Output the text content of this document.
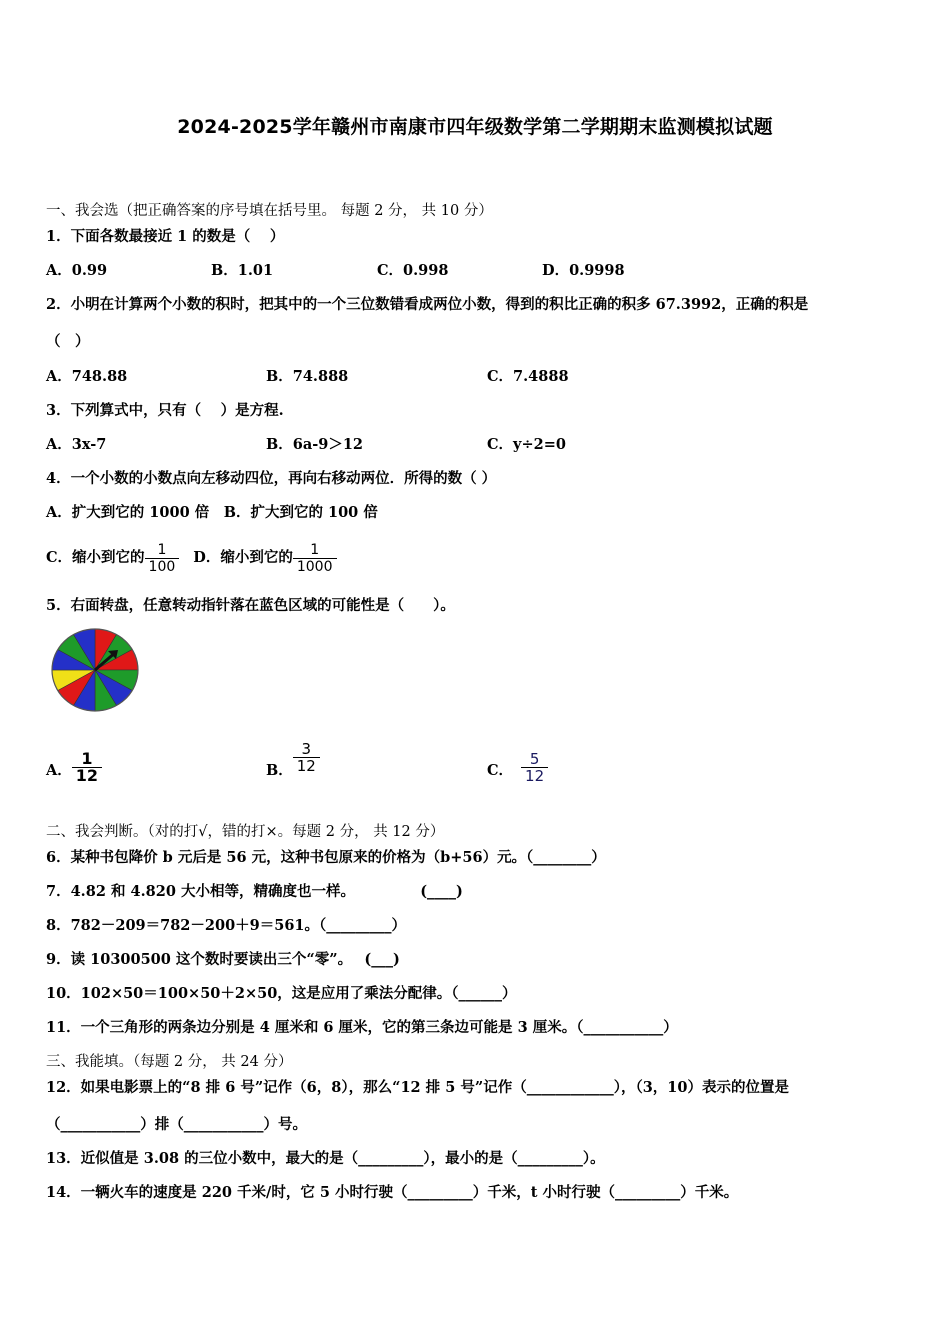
2024-2025学年赣州市南康市四年级数学第二学期期末监测模拟试题
一、我会选（把正确答案的序号填在括号里。 每题 2 分， 共 10 分）
1．下面各数最接近 1 的数是（　 ）
A．0.99	B．1.01	C．0.998	D．0.9998
2．小明在计算两个小数的积时，把其中的一个三位数错看成两位小数，得到的积比正确的积多 67.3992，正确的积是
（　）
A．748.88	B．74.888	C．7.4888
3．下列算式中，只有（　 ）是方程.
A．3x-7	B．6a-9＞12	C．y÷2=0
4．一个小数的小数点向左移动四位，再向右移动两位．所得的数（ ）
A．扩大到它的 1000 倍　B．扩大到它的 100 倍
C．缩小到它的 $\frac{1}{100}$ D．缩小到它的 $\frac{1}{1000}$
5．右面转盘，任意转动指针落在蓝色区域的可能性是（　　）。
A． $\frac{1}{12}$	B． $\frac{3}{12}$	C． $\frac{5}{12}$
二、我会判断。（对的打√，错的打×。每题 2 分， 共 12 分）
6．某种书包降价 b 元后是 56 元，这种书包原来的价格为（b+56）元。（________）
7．4.82 和 4.820 大小相等，精确度也一样。　　　　　(____)
8．782－209＝782－200＋9＝561。（_________）
9．读 10300500 这个数时要读出三个“零”。　 (___)
10．102×50＝100×50＋2×50，这是应用了乘法分配律。（______）
11．一个三角形的两条边分别是 4 厘米和 6 厘米，它的第三条边可能是 3 厘米。（___________）
三、我能填。（每题 2 分， 共 24 分）
12．如果电影票上的“8 排 6 号”记作（6，8），那么“12 排 5 号”记作（____________），（3，10）表示的位置是
（___________）排（___________）号。
13．近似值是 3.08 的三位小数中，最大的是（_________），最小的是（_________）。
14．一辆火车的速度是 220 千米/时，它 5 小时行驶（_________）千米，t 小时行驶（_________）千米。
